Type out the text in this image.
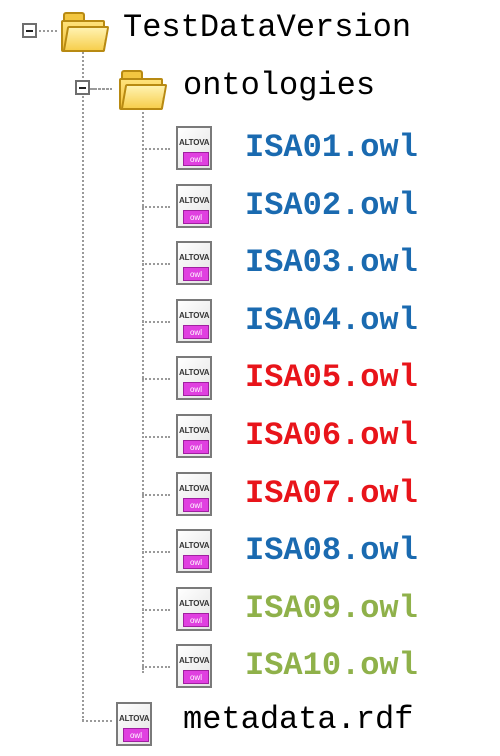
TestDataVersion
ontologies
ALTOVA
owl ISA01.owl
ALTOVA
owl ISA02.owl
ALTOVA
owl ISA03.owl
ALTOVA
owl ISA04.owl
ALTOVA
owl ISA05.owl
ALTOVA
owl ISA06.owl
ALTOVA
owl ISA07.owl
ALTOVA
owl ISA08.owl
ALTOVA
owl ISA09.owl
ALTOVA
owl ISA10.owl
ALTOVA
owl metadata.rdf
